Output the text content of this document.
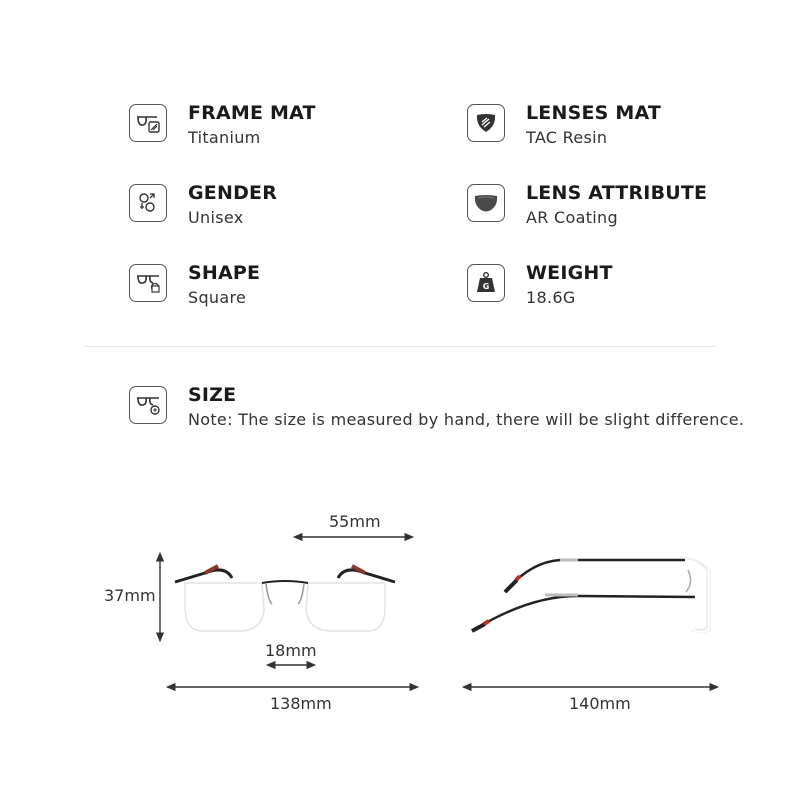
FRAME MAT
Titanium
LENSES MAT
TAC Resin
GENDER
Unisex
LENS ATTRIBUTE
AR Coating
SHAPE
Square
G
WEIGHT
18.6G
SIZE
Note: The size is measured by hand, there will be slight difference.
55mm
37mm
18mm
138mm	140mm
